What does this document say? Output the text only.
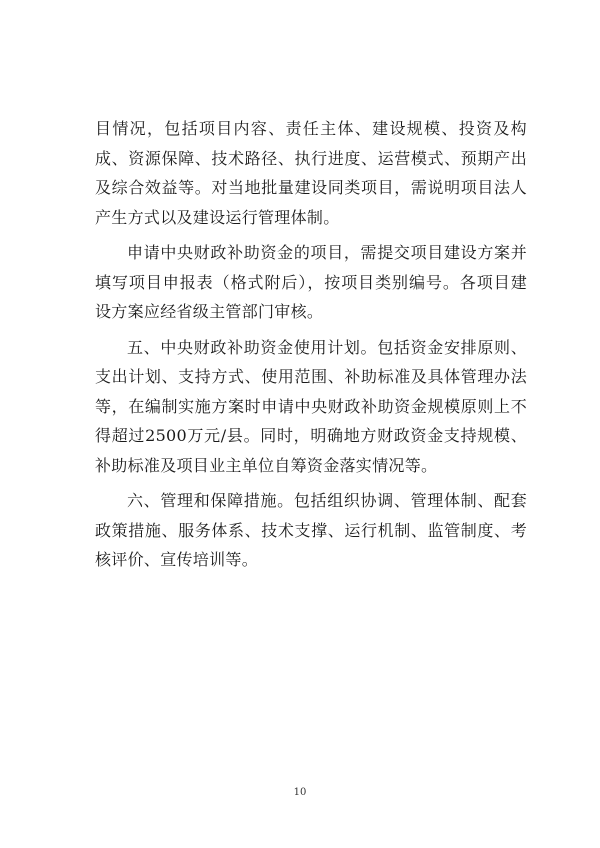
目情况，包括项目内容、责任主体、建设规模、投资及构成、资源保障、技术路径、执行进度、运营模式、预期产出及综合效益等。对当地批量建设同类项目，需说明项目法人产生方式以及建设运行管理体制。

申请中央财政补助资金的项目，需提交项目建设方案并填写项目申报表（格式附后），按项目类别编号。各项目建设方案应经省级主管部门审核。

五、中央财政补助资金使用计划。包括资金安排原则、支出计划、支持方式、使用范围、补助标准及具体管理办法等，在编制实施方案时申请中央财政补助资金规模原则上不得超过2500万元/县。同时，明确地方财政资金支持规模、补助标准及项目业主单位自筹资金落实情况等。

六、管理和保障措施。包括组织协调、管理体制、配套政策措施、服务体系、技术支撑、运行机制、监管制度、考核评价、宣传培训等。

10
